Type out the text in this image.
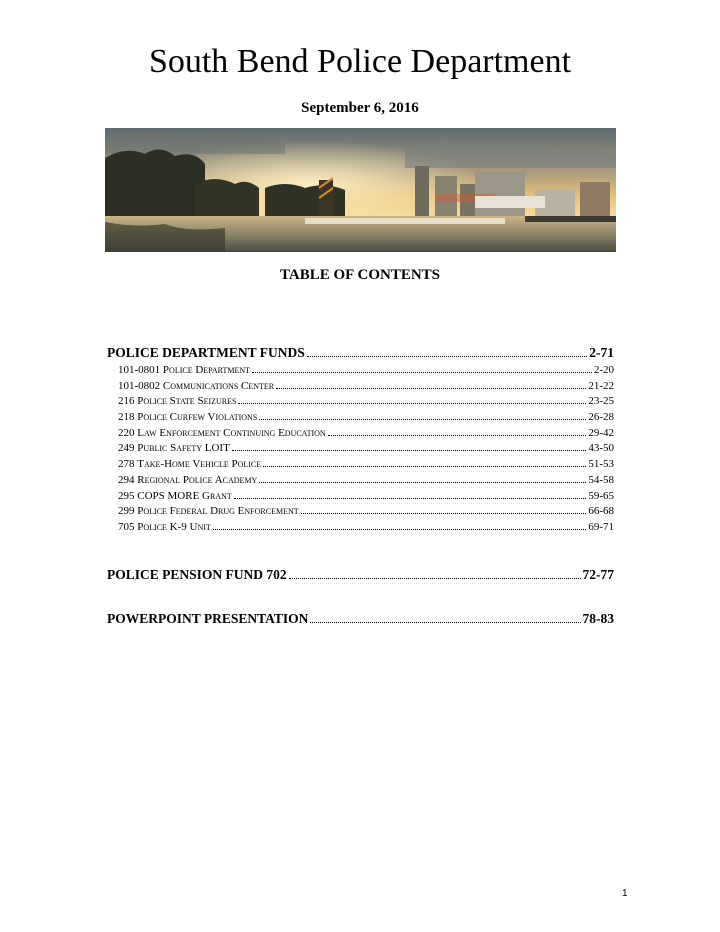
South Bend Police Department
September 6, 2016
TABLE OF CONTENTS
POLICE DEPARTMENT FUNDS	2-71
101-0801 Police Department	2-20
101-0802 Communications Center	21-22
216 Police State Seizures	23-25
218 Police Curfew Violations	26-28
220 Law Enforcement Continuing Education	29-42
249 Public Safety LOIT	43-50
278 Take-Home Vehicle Police	51-53
294 Regional Police Academy	54-58
295 COPS MORE Grant	59-65
299 Police Federal Drug Enforcement	66-68
705 Police K-9 Unit	69-71
POLICE PENSION FUND 702	72-77
POWERPOINT PRESENTATION	78-83
1
